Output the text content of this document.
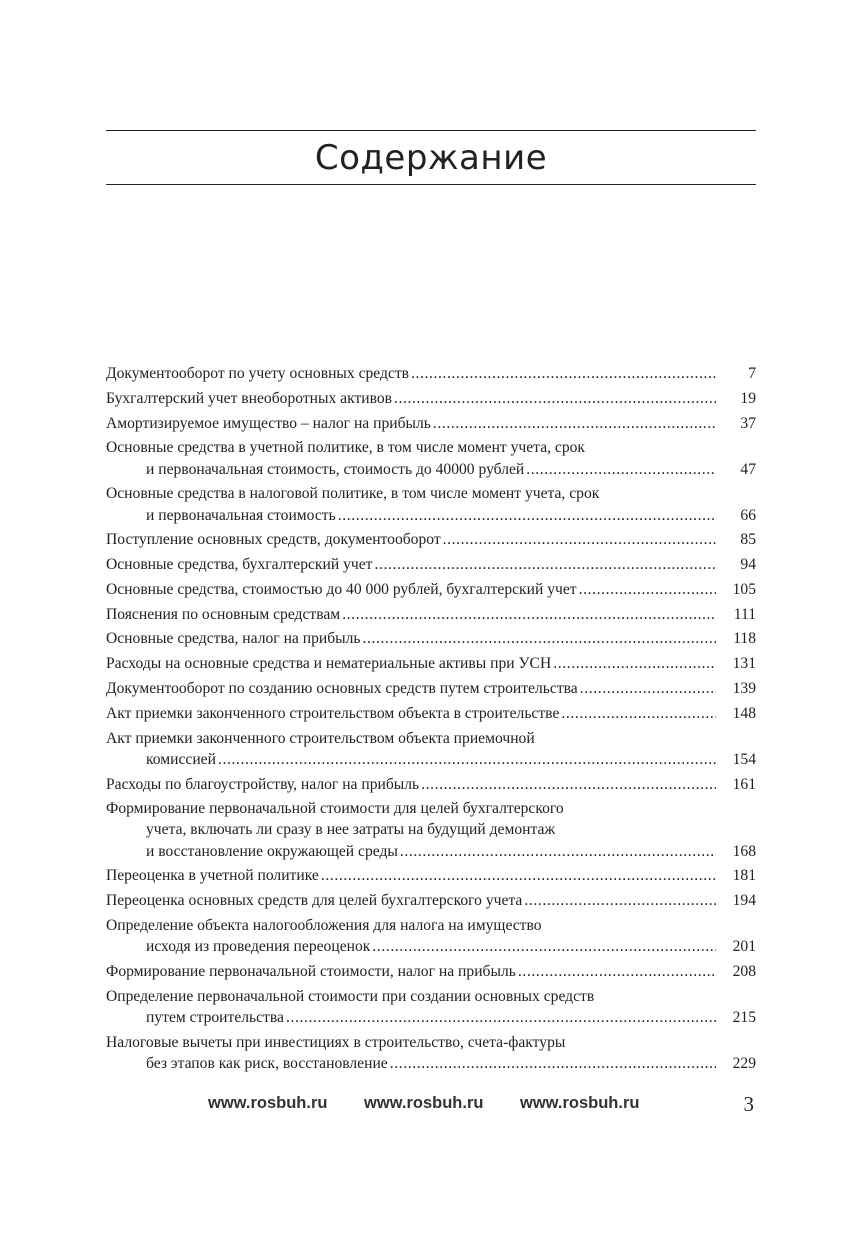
Содержание
Документооборот по учету основных средств .....	7
Бухгалтерский учет внеоборотных активов .....	19
Амортизируемое имущество – налог на прибыль .....	37
Основные средства в учетной политике, в том числе момент учета, срок
и первоначальная стоимость, стоимость до 40000 рублей .....	47
Основные средства в налоговой политике, в том числе момент учета, срок
и первоначальная стоимость .....	66
Поступление основных средств, документооборот .....	85
Основные средства, бухгалтерский учет .....	94
Основные средства, стоимостью до 40 000 рублей, бухгалтерский учет .....	105
Пояснения по основным средствам .....	111
Основные средства, налог на прибыль .....	118
Расходы на основные средства и нематериальные активы при УСН .....	131
Документооборот по созданию основных средств путем строительства .....	139
Акт приемки законченного строительством объекта в строительстве .....	148
Акт приемки законченного строительством объекта приемочной
комиссией .....	154
Расходы по благоустройству, налог на прибыль .....	161
Формирование первоначальной стоимости для целей бухгалтерского
учета, включать ли сразу в нее затраты на будущий демонтаж
и восстановление окружающей среды .....	168
Переоценка в учетной политике .....	181
Переоценка основных средств для целей бухгалтерского учета .....	194
Определение объекта налогообложения для налога на имущество
исходя из проведения переоценок .....	201
Формирование первоначальной стоимости, налог на прибыль .....	208
Определение первоначальной стоимости при создании основных средств
путем строительства .....	215
Налоговые вычеты при инвестициях в строительство, счета-фактуры
без этапов как риск, восстановление .....	229
www.rosbuh.ru www.rosbuh.ru www.rosbuh.ru	3
